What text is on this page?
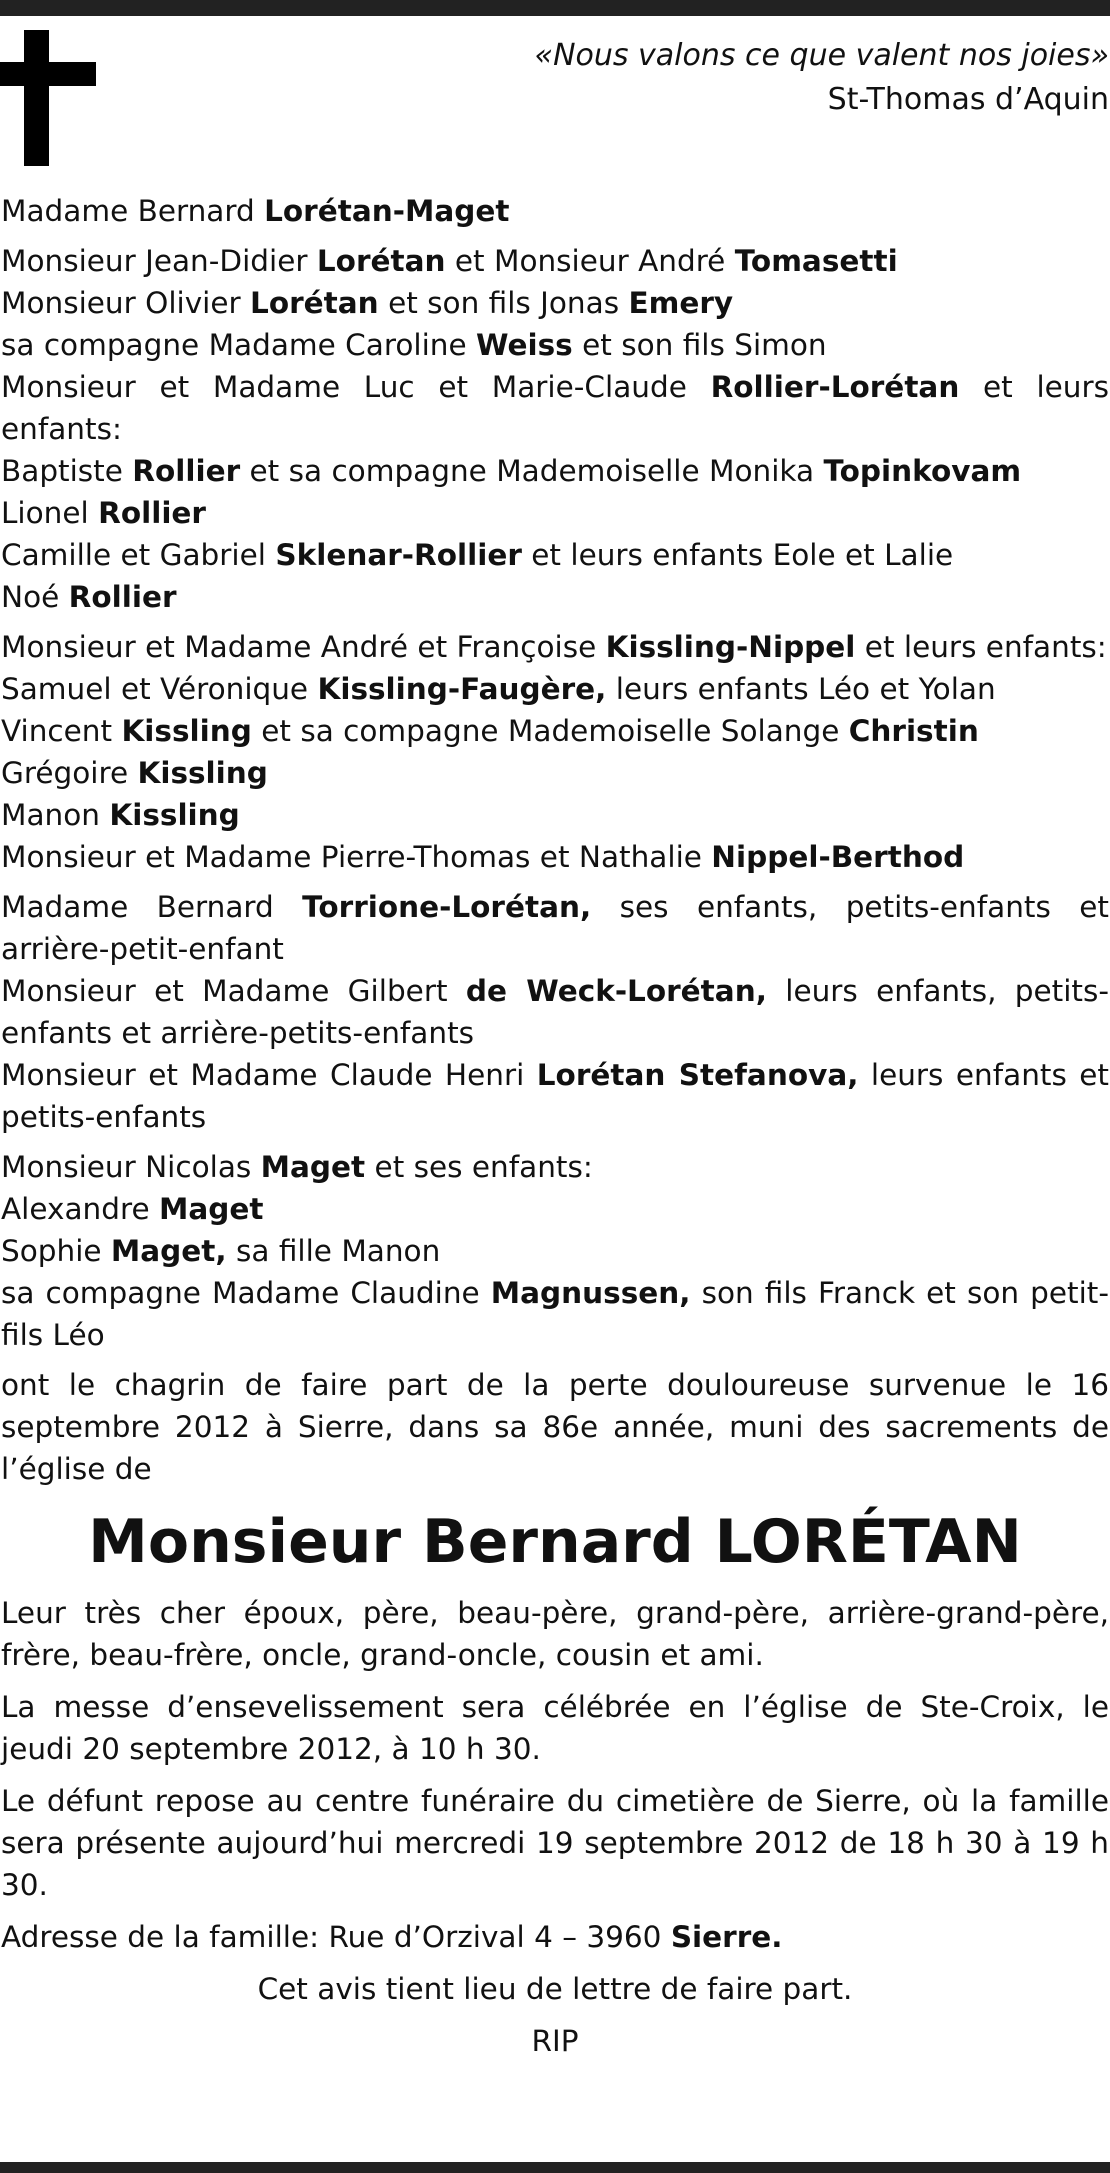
«Nous valons ce que valent nos joies»
St-Thomas d’Aquin
Madame Bernard Lorétan-Maget
Monsieur Jean-Didier Lorétan et Monsieur André Tomasetti
Monsieur Olivier Lorétan et son fils Jonas Emery
sa compagne Madame Caroline Weiss et son fils Simon
Monsieur et Madame Luc et Marie-Claude Rollier-Lorétan et leurs enfants:
Baptiste Rollier et sa compagne Mademoiselle Monika Topinkovam
Lionel Rollier
Camille et Gabriel Sklenar-Rollier et leurs enfants Eole et Lalie
Noé Rollier
Monsieur et Madame André et Françoise Kissling-Nippel et leurs enfants:
Samuel et Véronique Kissling-Faugère, leurs enfants Léo et Yolan
Vincent Kissling et sa compagne Mademoiselle Solange Christin
Grégoire Kissling
Manon Kissling
Monsieur et Madame Pierre-Thomas et Nathalie Nippel-Berthod
Madame Bernard Torrione-Lorétan, ses enfants, petits-enfants et arrière-petit-enfant
Monsieur et Madame Gilbert de Weck-Lorétan, leurs enfants, petits-enfants et arrière-petits-enfants
Monsieur et Madame Claude Henri Lorétan Stefanova, leurs enfants et petits-enfants
Monsieur Nicolas Maget et ses enfants:
Alexandre Maget
Sophie Maget, sa fille Manon
sa compagne Madame Claudine Magnussen, son fils Franck et son petit-fils Léo
ont le chagrin de faire part de la perte douloureuse survenue le 16 septembre 2012 à Sierre, dans sa 86e année, muni des sacrements de l’église de
Monsieur Bernard LORÉTAN
Leur très cher époux, père, beau-père, grand-père, arrière-grand-père, frère, beau-frère, oncle, grand-oncle, cousin et ami.
La messe d’ensevelissement sera célébrée en l’église de Ste-Croix, le jeudi 20 septembre 2012, à 10 h 30.
Le défunt repose au centre funéraire du cimetière de Sierre, où la famille sera présente aujourd’hui mercredi 19 septembre 2012 de 18 h 30 à 19 h 30.
Adresse de la famille: Rue d’Orzival 4 – 3960 Sierre.
Cet avis tient lieu de lettre de faire part.
RIP
